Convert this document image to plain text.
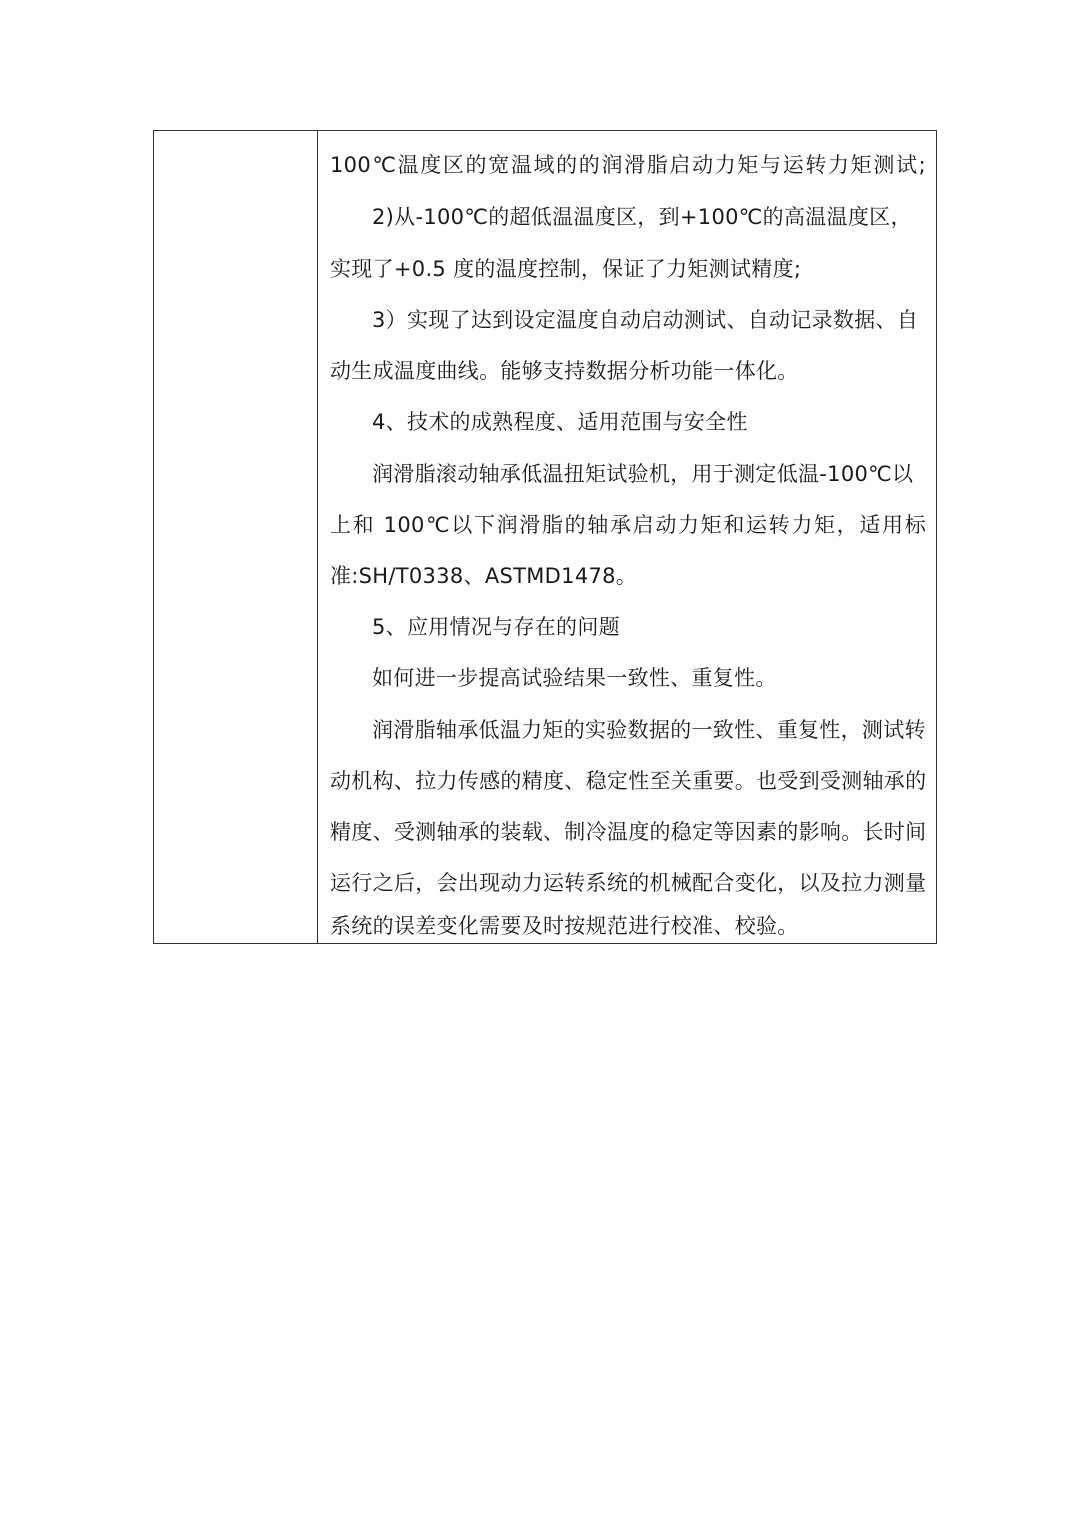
100℃温度区的宽温域的的润滑脂启动力矩与运转力矩测试;
2)从-100℃的超低温温度区，到+100℃的高温温度区，
实现了+0.5 度的温度控制，保证了力矩测试精度;
3）实现了达到设定温度自动启动测试、自动记录数据、自
动生成温度曲线。能够支持数据分析功能一体化。
4、技术的成熟程度、适用范围与安全性
润滑脂滚动轴承低温扭矩试验机，用于测定低温-100℃以
上和 100℃以下润滑脂的轴承启动力矩和运转力矩，适用标
准:SH/T0338、ASTMD1478。
5、应用情况与存在的问题
如何进一步提高试验结果一致性、重复性。
润滑脂轴承低温力矩的实验数据的一致性、重复性，测试转
动机构、拉力传感的精度、稳定性至关重要。也受到受测轴承的
精度、受测轴承的装载、制冷温度的稳定等因素的影响。长时间
运行之后，会出现动力运转系统的机械配合变化，以及拉力测量
系统的误差变化需要及时按规范进行校准、校验。
